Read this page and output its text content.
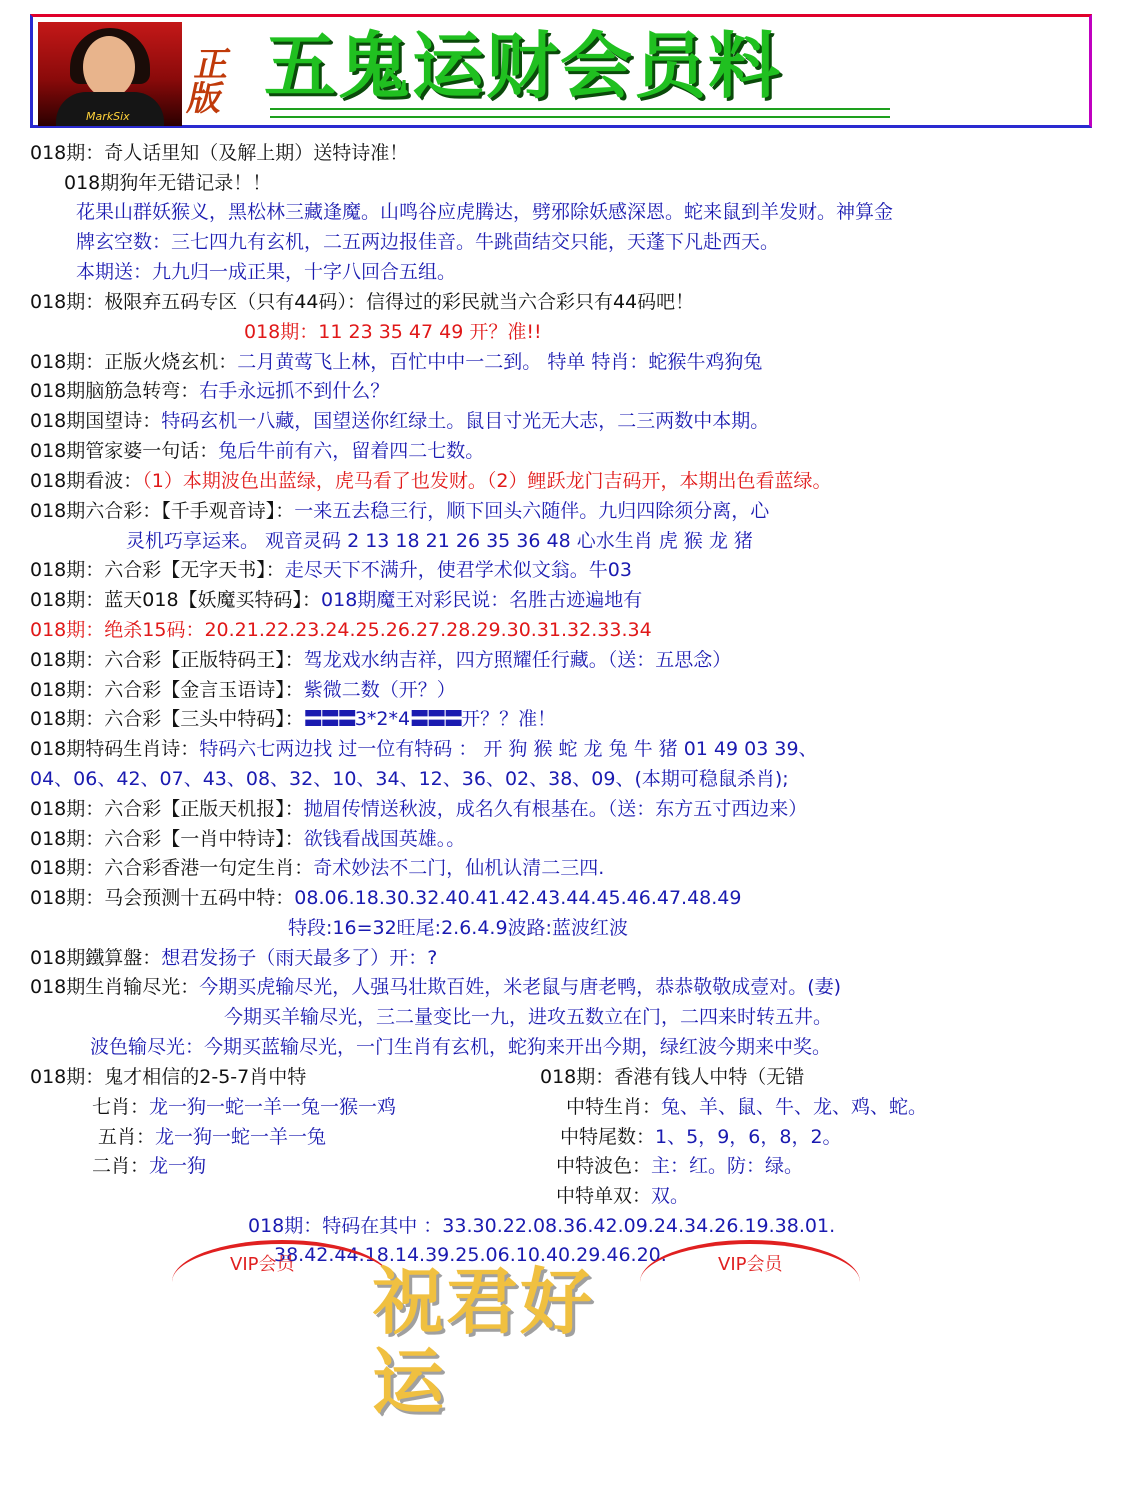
MarkSix
正版 五鬼运财会员料
018期：奇人话里知（及解上期）送特诗准！
018期狗年无错记录！！
花果山群妖猴义，黑松林三藏逢魔。山鸣谷应虎腾达，劈邪除妖感深恩。蛇来鼠到羊发财。神算金
牌玄空数：三七四九有玄机，二五两边报佳音。牛跳茴结交只能，天蓬下凡赴西天。
本期送：九九归一成正果，十字八回合五组。
018期：极限弃五码专区（只有44码）：信得过的彩民就当六合彩只有44码吧！
018期：11 23 35 47 49 开？准!!
018期：正版火烧玄机：二月黄莺飞上林，百忙中中一二到。 特单 特肖：蛇猴牛鸡狗兔
018期脑筋急转弯：右手永远抓不到什么？
018期国望诗：特码玄机一八藏，国望送你红绿土。鼠目寸光无大志，二三两数中本期。
018期管家婆一句话：兔后牛前有六，留着四二七数。
018期看波：（1）本期波色出蓝绿，虎马看了也发财。（2）鲤跃龙门吉码开，本期出色看蓝绿。
018期六合彩：【千手观音诗】：一来五去稳三行，顺下回头六随伴。九归四除须分离，心
灵机巧享运来。 观音灵码 2 13 18 21 26 35 36 48 心水生肖 虎 猴 龙 猪
018期：六合彩【无字天书】：走尽天下不满升，使君学术似文翁。牛03
018期：蓝天018【妖魔买特码】：018期魔王对彩民说：名胜古迹遍地有
018期：绝杀15码：20.21.22.23.24.25.26.27.28.29.30.31.32.33.34
018期：六合彩【正版特码王】：驾龙戏水纳吉祥，四方照耀任行藏。（送：五思念）
018期：六合彩【金言玉语诗】：紫微二数（开？）
018期：六合彩【三头中特码】：〓〓〓3*2*4〓〓〓开？？准！
018期特码生肖诗：特码六七两边找 过一位有特码 ： 开 狗 猴 蛇 龙 兔 牛 猪 01 49 03 39、
04、06、42、07、43、08、32、10、34、12、36、02、38、09、(本期可稳鼠杀肖);
018期：六合彩【正版天机报】：抛眉传情送秋波，成名久有根基在。（送：东方五寸西边来）
018期：六合彩【一肖中特诗】：欲钱看战国英雄。。
018期：六合彩香港一句定生肖：奇术妙法不二门，仙机认清二三四.
018期：马会预测十五码中特：08.06.18.30.32.40.41.42.43.44.45.46.47.48.49
特段:16=32旺尾:2.6.4.9波路:蓝波红波
018期鐵算盤：想君发扬子（雨天最多了）开：?
018期生肖输尽光：今期买虎输尽光，人强马壮欺百姓，米老鼠与唐老鸭，恭恭敬敬成壹对。(妻)
今期买羊输尽光，三二量变比一九，进攻五数立在门，二四来时转五井。
波色输尽光：今期买蓝输尽光，一门生肖有玄机，蛇狗来开出今期，绿红波今期来中奖。
018期：鬼才相信的2-5-7肖中特	018期：香港有钱人中特（无错
七肖：龙一狗一蛇一羊一兔一猴一鸡	中特生肖：兔、羊、鼠、牛、龙、鸡、蛇。
五肖：龙一狗一蛇一羊一兔	中特尾数：1、5，9，6，8，2。
二肖：龙一狗	中特波色：主：红。防：绿。
中特单双：双。
018期：特码在其中 ：33.30.22.08.36.42.09.24.34.26.19.38.01.
38.42.44.18.14.39.25.06.10.40.29.46.20.
VIP会员	VIP会员
祝君好运
